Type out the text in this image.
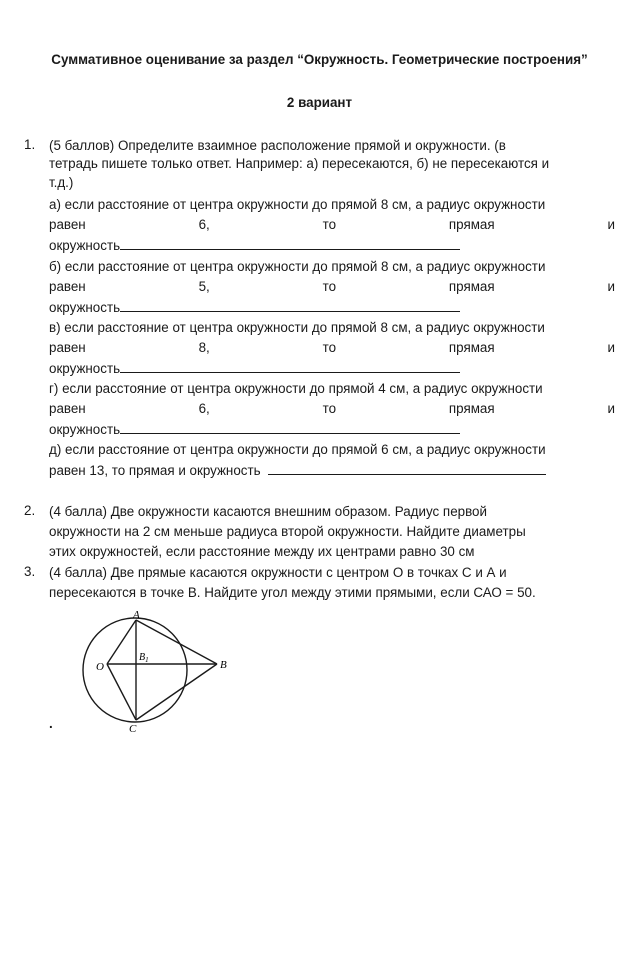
Суммативное оценивание за раздел “Окружность. Геометрические построения”
2 вариант
1. (5 баллов) Определите взаимное расположение прямой и окружности. (в
тетрадь пишете только ответ. Например: а) пересекаются, б) не пересекаются и
т.д.)
а) если расстояние от центра окружности до прямой 8 см, а радиус окружности
равен	6,	то	прямая	и
окружность
б) если расстояние от центра окружности до прямой 8 см, а радиус окружности
равен	5,	то	прямая	и
окружность
в) если расстояние от центра окружности до прямой 8 см, а радиус окружности
равен	8,	то	прямая	и
окружность
г) если расстояние от центра окружности до прямой 4 см, а радиус окружности
равен	6,	то	прямая	и
окружность
д) если расстояние от центра окружности до прямой 6 см, а радиус окружности
равен 13, то прямая и окружность
2. (4 балла) Две окружности касаются внешним образом. Радиус первой
окружности на 2 см меньше радиуса второй окружности. Найдите диаметры
этих окружностей, если расстояние между их центрами равно 30 см
3. (4 балла) Две прямые касаются окружности с центром О в точках С и А и
пересекаются в точке В. Найдите угол между этими прямыми, если САО = 50.
A
B
C
O
$B_1$
.
